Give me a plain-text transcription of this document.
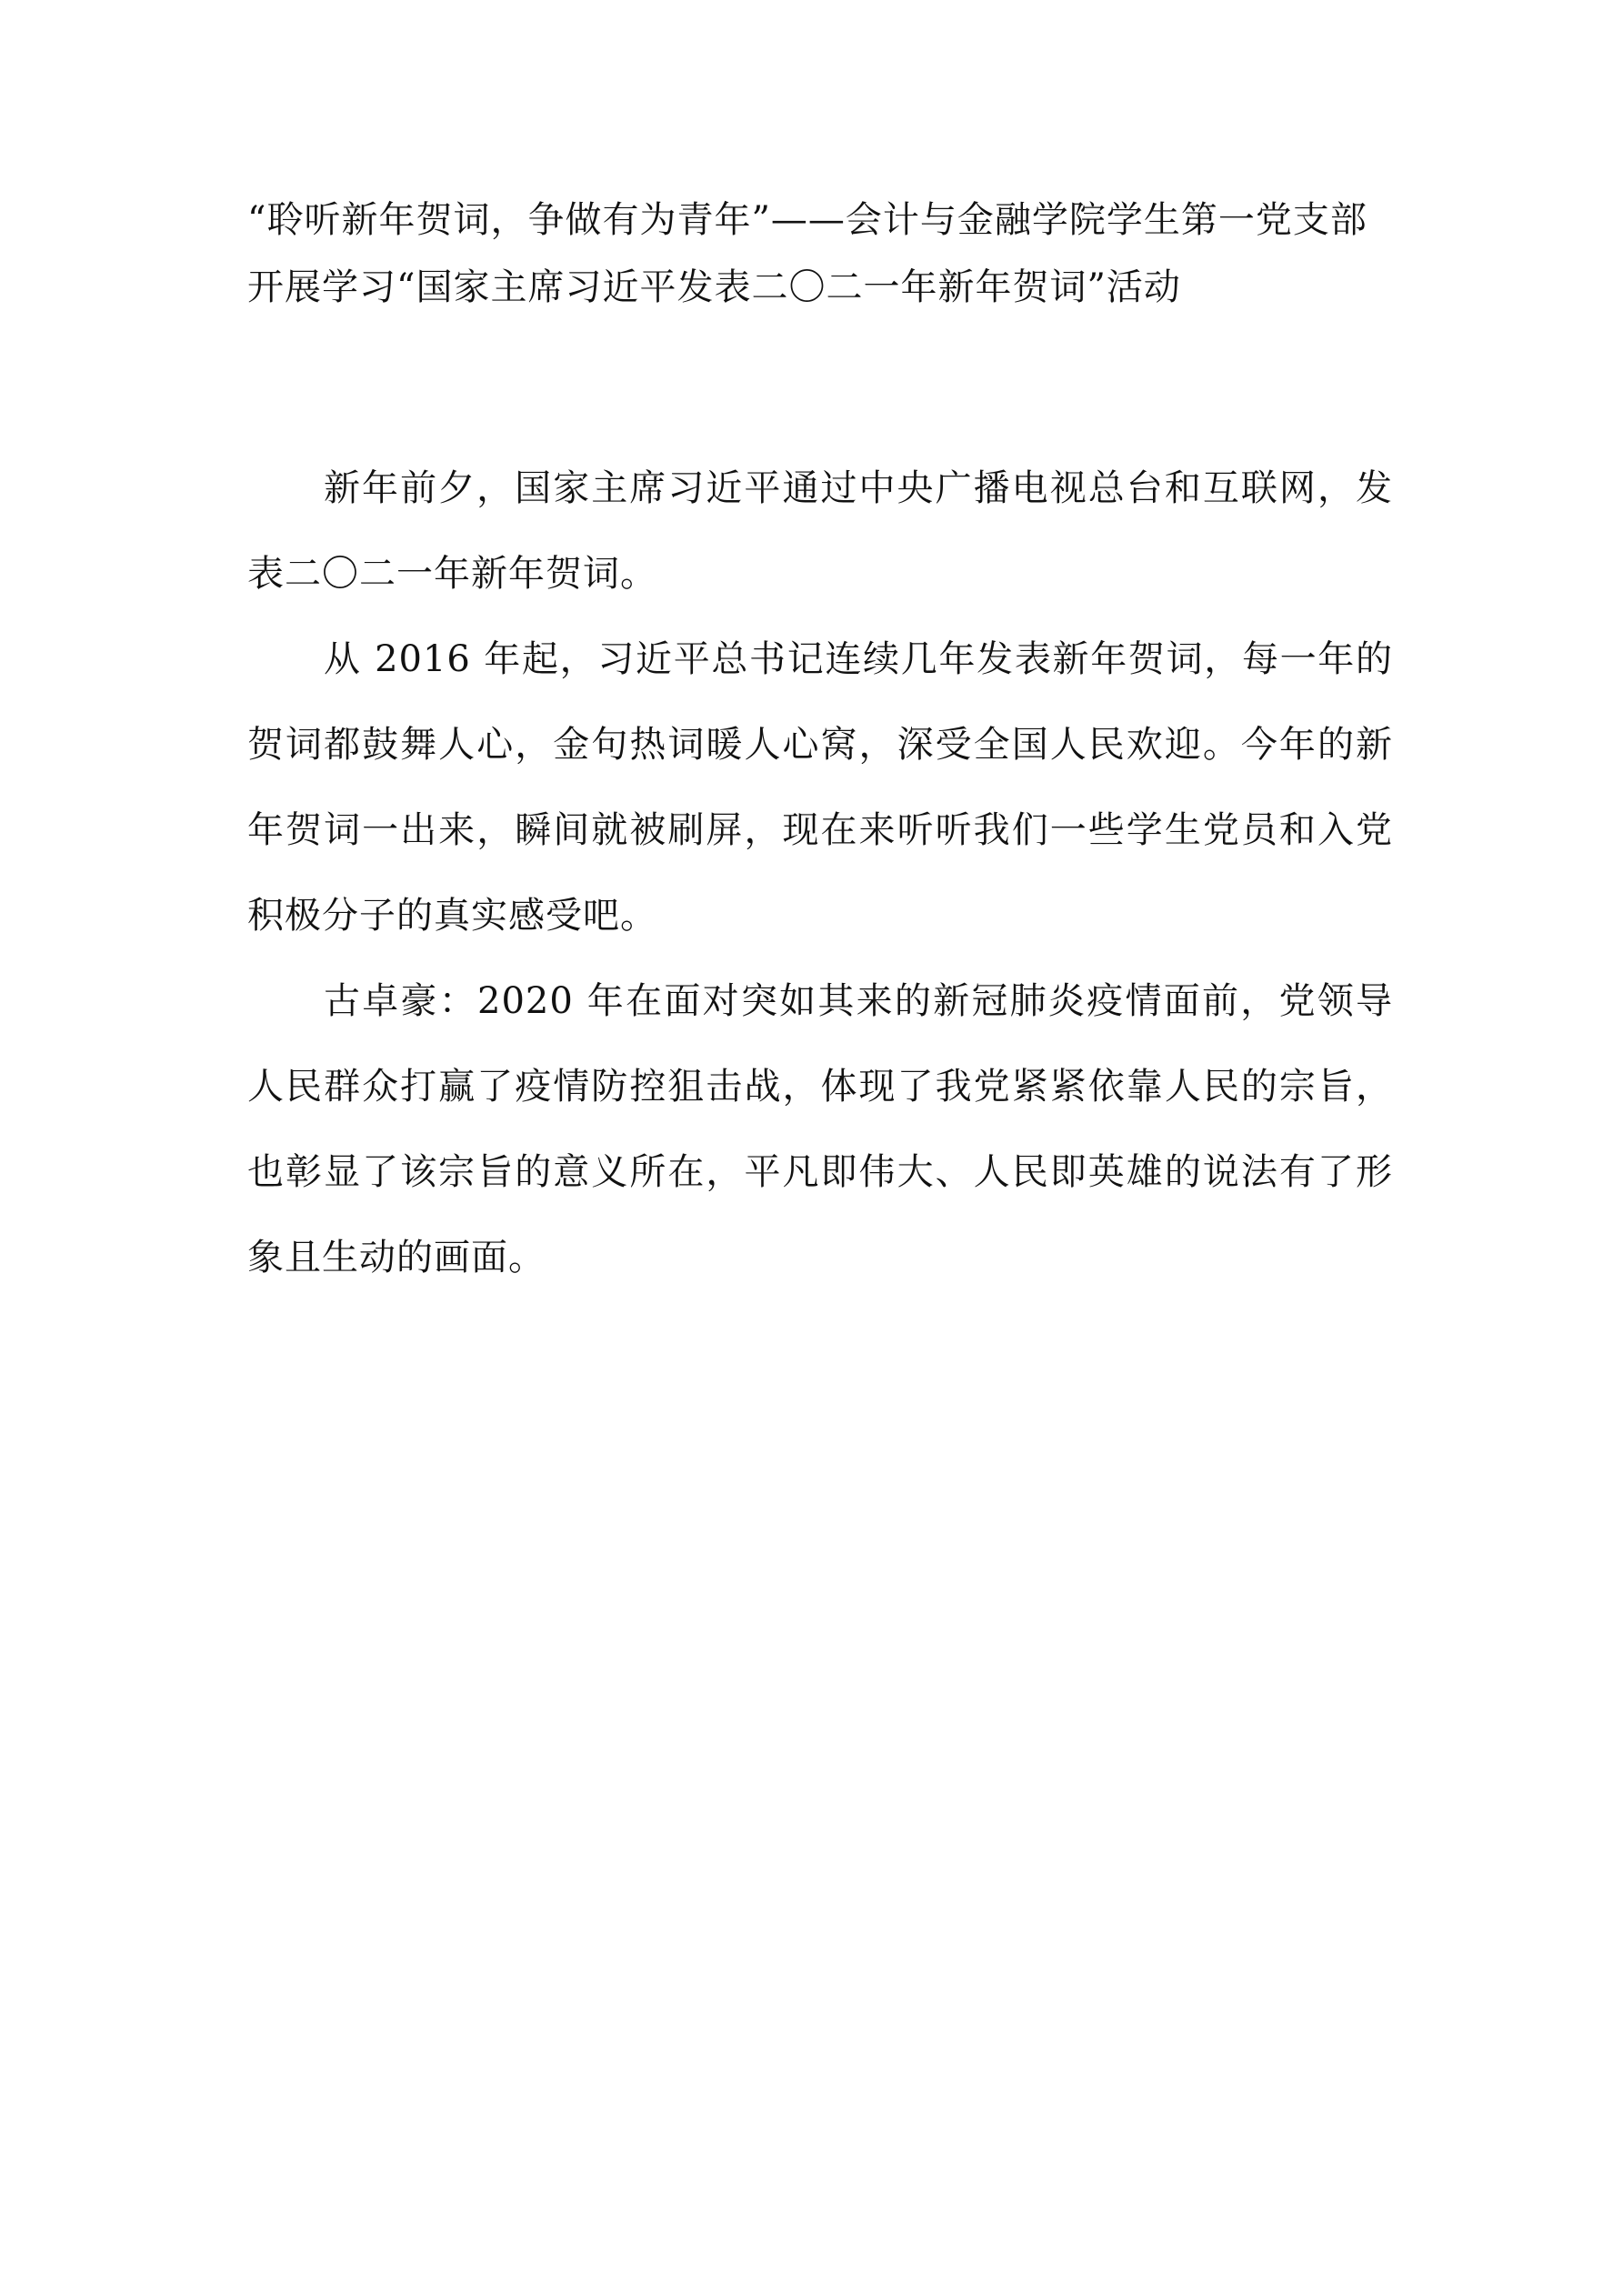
“聆听新年贺词，争做有为青年”——会计与金融学院学生第一党支部开展学习“国家主席习近平发表二〇二一年新年贺词”活动

新年前夕，国家主席习近平通过中央广播电视总台和互联网，发表二〇二一年新年贺词。

从 2016 年起，习近平总书记连续几年发表新年贺词，每一年的贺词都鼓舞人心，金句热词暖人心窝，深受全国人民欢迎。今年的新年贺词一出来，瞬间就被刷屏，现在来听听我们一些学生党员和入党积极分子的真实感受吧。

古卓豪：2020 年在面对突如其来的新冠肺炎疫情面前，党领导人民群众打赢了疫情防控狙击战，体现了我党紧紧依靠人民的宗旨，也彰显了该宗旨的意义所在，平凡即伟大、人民即英雄的说法有了形象且生动的画面。
